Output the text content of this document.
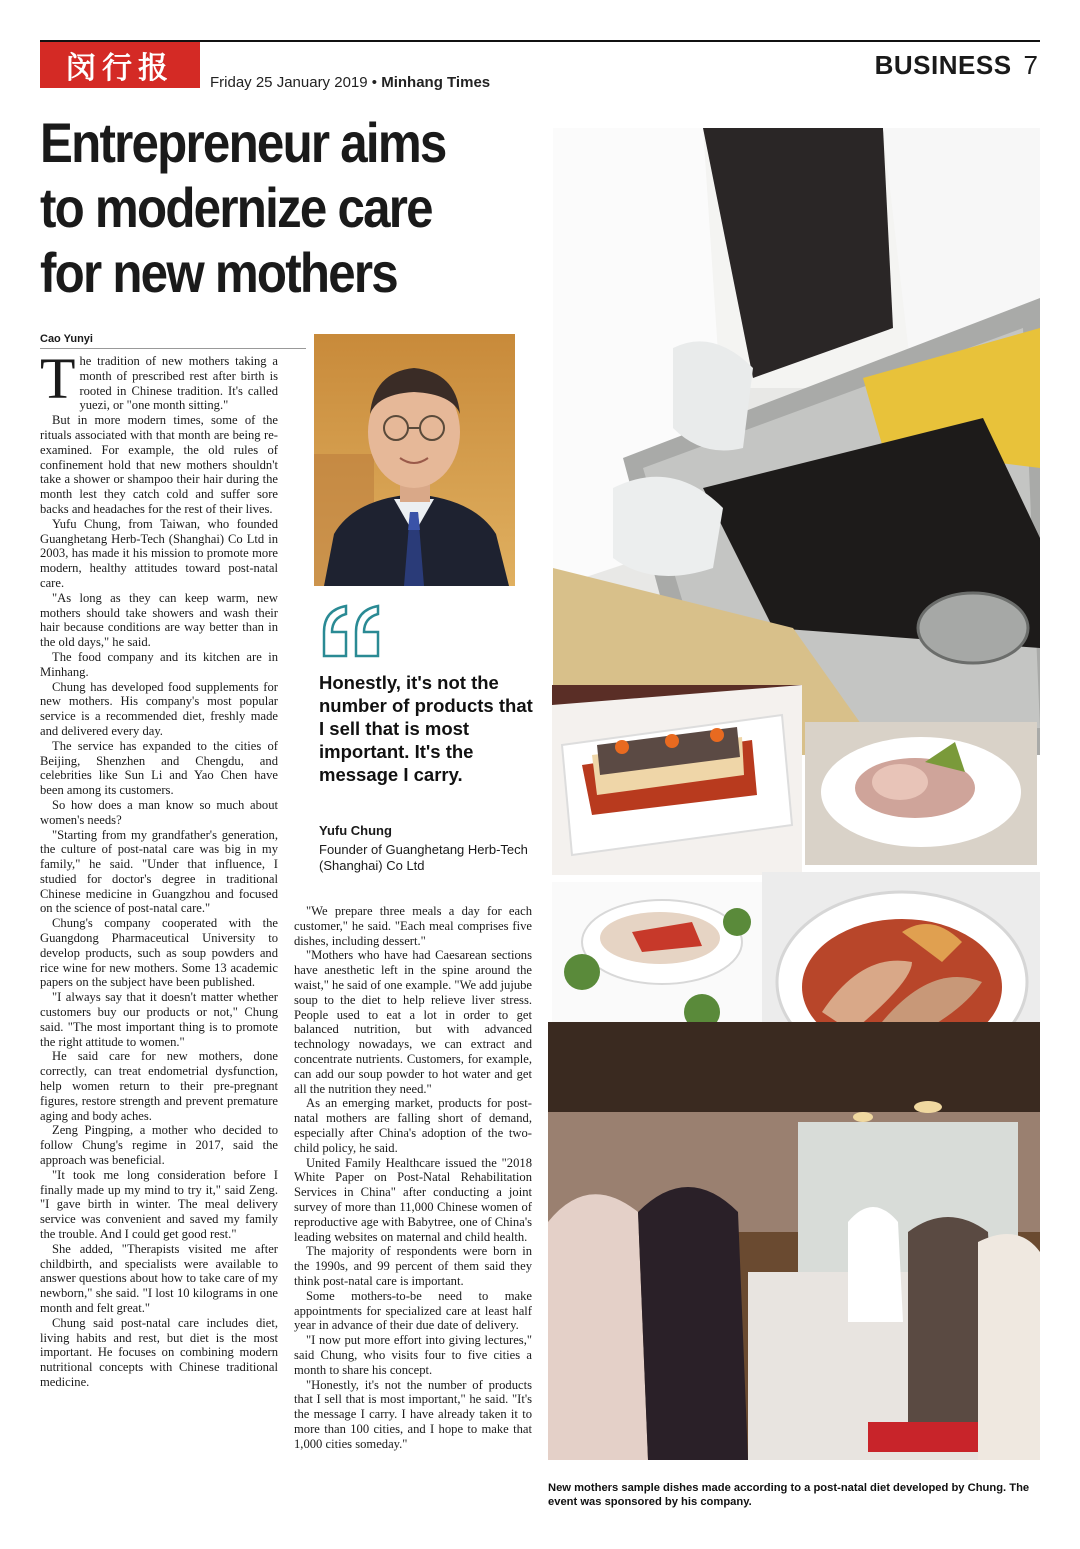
闵行报	Friday 25 January 2019 • Minhang Times
BUSINESS 7
Entrepreneur aims
to modernize care
for new mothers
Cao Yunyi

The tradition of new mothers taking a month of prescribed rest after birth is rooted in Chinese tradition. It's called yuezi, or "one month sitting."

But in more modern times, some of the rituals associated with that month are being re-examined. For example, the old rules of confinement hold that new mothers shouldn't take a shower or shampoo their hair during the month lest they catch cold and suffer sore backs and headaches for the rest of their lives.

Yufu Chung, from Taiwan, who founded Guanghetang Herb-Tech (Shanghai) Co Ltd in 2003, has made it his mission to promote more modern, healthy attitudes toward post-natal care.

"As long as they can keep warm, new mothers should take showers and wash their hair because conditions are way better than in the old days," he said.

The food company and its kitchen are in Minhang.

Chung has developed food supplements for new mothers. His company's most popular service is a recommended diet, freshly made and delivered every day.

The service has expanded to the cities of Beijing, Shenzhen and Chengdu, and celebrities like Sun Li and Yao Chen have been among its customers.

So how does a man know so much about women's needs?

"Starting from my grandfather's generation, the culture of post-natal care was big in my family," he said. "Under that influence, I studied for doctor's degree in traditional Chinese medicine in Guangzhou and focused on the science of post-natal care."

Chung's company cooperated with the Guangdong Pharmaceutical University to develop products, such as soup powders and rice wine for new mothers. Some 13 academic papers on the subject have been published.

"I always say that it doesn't matter whether customers buy our products or not," Chung said. "The most important thing is to promote the right attitude to women."

He said care for new mothers, done correctly, can treat endometrial dysfunction, help women return to their pre-pregnant figures, restore strength and prevent premature aging and body aches.

Zeng Pingping, a mother who decided to follow Chung's regime in 2017, said the approach was beneficial.

"It took me long consideration before I finally made up my mind to try it," said Zeng. "I gave birth in winter. The meal delivery service was convenient and saved my family the trouble. And I could get good rest."

She added, "Therapists visited me after childbirth, and specialists were available to answer questions about how to take care of my newborn," she said. "I lost 10 kilograms in one month and felt great."

Chung said post-natal care includes diet, living habits and rest, but diet is the most important. He focuses on combining modern nutritional concepts with Chinese traditional medicine.

Honestly, it's not the number of products that I sell that is most important. It's the message I carry.
Yufu Chung
Founder of Guanghetang Herb-Tech (Shanghai) Co Ltd

"We prepare three meals a day for each customer," he said. "Each meal comprises five dishes, including dessert."

"Mothers who have had Caesarean sections have anesthetic left in the spine around the waist," he said of one example. "We add jujube soup to the diet to help relieve liver stress. People used to eat a lot in order to get balanced nutrition, but with advanced technology nowadays, we can extract and concentrate nutrients. Customers, for example, can add our soup powder to hot water and get all the nutrition they need."

As an emerging market, products for post-natal mothers are falling short of demand, especially after China's adoption of the two-child policy, he said.

United Family Healthcare issued the "2018 White Paper on Post-Natal Rehabilitation Services in China" after conducting a joint survey of more than 11,000 Chinese women of reproductive age with Babytree, one of China's leading websites on maternal and child health.

The majority of respondents were born in the 1990s, and 99 percent of them said they think post-natal care is important.

Some mothers-to-be need to make appointments for specialized care at least half year in advance of their due date of delivery.

"I now put more effort into giving lectures," said Chung, who visits four to five cities a month to share his concept.

"Honestly, it's not the number of products that I sell that is most important," he said. "It's the message I carry. I have already taken it to more than 100 cities, and I hope to make that 1,000 cities someday."

New mothers sample dishes made according to a post-natal diet developed by Chung. The event was sponsored by his company.
